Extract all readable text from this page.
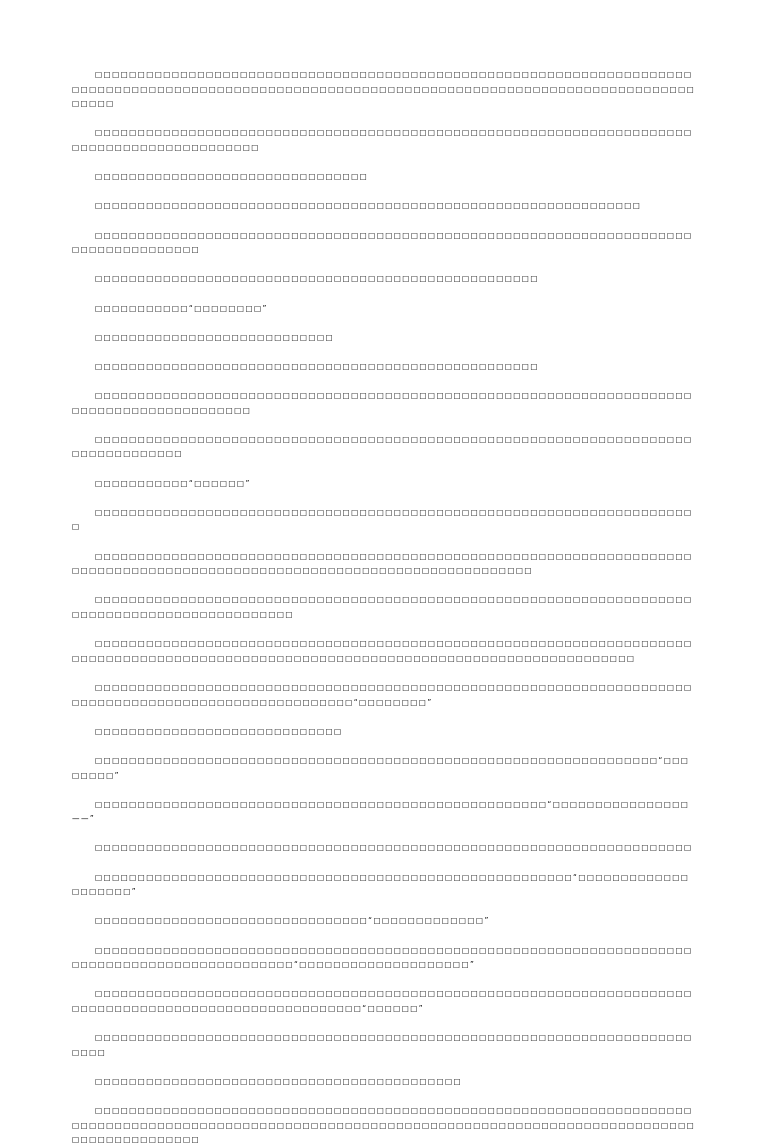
□□□□□□□□□□□□□□□□□□□□□□□□□□□□□□□□□□□□□□□□□□□□□□□□□□□□□□□□□□□□□□□□□□□□□□□□□□□□□□□□□□□□□□□□□□□□□□□□□□□□□□□□□□□□□□□□□□□□□□□□□□□□□□□□□□□□□□□□□□□□□□□□□□□□

□□□□□□□□□□□□□□□□□□□□□□□□□□□□□□□□□□□□□□□□□□□□□□□□□□□□□□□□□□□□□□□□□□□□□□□□□□□□□□□□□□□□□□□□□□□□

□□□□□□□□□□□□□□□□□□□□□□□□□□□□□□□□

□□□□□□□□□□□□□□□□□□□□□□□□□□□□□□□□□□□□□□□□□□□□□□□□□□□□□□□□□□□□□□□□

□□□□□□□□□□□□□□□□□□□□□□□□□□□□□□□□□□□□□□□□□□□□□□□□□□□□□□□□□□□□□□□□□□□□□□□□□□□□□□□□□□□□□

□□□□□□□□□□□□□□□□□□□□□□□□□□□□□□□□□□□□□□□□□□□□□□□□□□□□

□□□□□□□□□□□“□□□□□□□□”

□□□□□□□□□□□□□□□□□□□□□□□□□□□□

□□□□□□□□□□□□□□□□□□□□□□□□□□□□□□□□□□□□□□□□□□□□□□□□□□□□

□□□□□□□□□□□□□□□□□□□□□□□□□□□□□□□□□□□□□□□□□□□□□□□□□□□□□□□□□□□□□□□□□□□□□□□□□□□□□□□□□□□□□□□□□□□

□□□□□□□□□□□□□□□□□□□□□□□□□□□□□□□□□□□□□□□□□□□□□□□□□□□□□□□□□□□□□□□□□□□□□□□□□□□□□□□□□□□

□□□□□□□□□□□“□□□□□□”

□□□□□□□□□□□□□□□□□□□□□□□□□□□□□□□□□□□□□□□□□□□□□□□□□□□□□□□□□□□□□□□□□□□□□□□

□□□□□□□□□□□□□□□□□□□□□□□□□□□□□□□□□□□□□□□□□□□□□□□□□□□□□□□□□□□□□□□□□□□□□□□□□□□□□□□□□□□□□□□□□□□□□□□□□□□□□□□□□□□□□□□□□□□□□□□□□□□□

□□□□□□□□□□□□□□□□□□□□□□□□□□□□□□□□□□□□□□□□□□□□□□□□□□□□□□□□□□□□□□□□□□□□□□□□□□□□□□□□□□□□□□□□□□□□□□□□

□□□□□□□□□□□□□□□□□□□□□□□□□□□□□□□□□□□□□□□□□□□□□□□□□□□□□□□□□□□□□□□□□□□□□□□□□□□□□□□□□□□□□□□□□□□□□□□□□□□□□□□□□□□□□□□□□□□□□□□□□□□□□□□□□□□□□□□□

□□□□□□□□□□□□□□□□□□□□□□□□□□□□□□□□□□□□□□□□□□□□□□□□□□□□□□□□□□□□□□□□□□□□□□□□□□□□□□□□□□□□□□□□□□□□□□□□□□□□□□□“□□□□□□□□”

□□□□□□□□□□□□□□□□□□□□□□□□□□□□□

□□□□□□□□□□□□□□□□□□□□□□□□□□□□□□□□□□□□□□□□□□□□□□□□□□□□□□□□□□□□□□□□□□“□□□□□□□□”

□□□□□□□□□□□□□□□□□□□□□□□□□□□□□□□□□□□□□□□□□□□□□□□□□□□□□“□□□□□□□□□□□□□□□□——”

□□□□□□□□□□□□□□□□□□□□□□□□□□□□□□□□□□□□□□□□□□□□□□□□□□□□□□□□□□□□□□□□□□□□□□

□□□□□□□□□□□□□□□□□□□□□□□□□□□□□□□□□□□□□□□□□□□□□□□□□□□□□□□□“□□□□□□□□□□□□□□□□□□□□”

□□□□□□□□□□□□□□□□□□□□□□□□□□□□□□□□“□□□□□□□□□□□□□”

□□□□□□□□□□□□□□□□□□□□□□□□□□□□□□□□□□□□□□□□□□□□□□□□□□□□□□□□□□□□□□□□□□□□□□□□□□□□□□□□□□□□□□□□□□□□□□□□“□□□□□□□□□□□□□□□□□□□□”

□□□□□□□□□□□□□□□□□□□□□□□□□□□□□□□□□□□□□□□□□□□□□□□□□□□□□□□□□□□□□□□□□□□□□□□□□□□□□□□□□□□□□□□□□□□□□□□□□□□□□□□□“□□□□□□”

□□□□□□□□□□□□□□□□□□□□□□□□□□□□□□□□□□□□□□□□□□□□□□□□□□□□□□□□□□□□□□□□□□□□□□□□□□

□□□□□□□□□□□□□□□□□□□□□□□□□□□□□□□□□□□□□□□□□□□

□□□□□□□□□□□□□□□□□□□□□□□□□□□□□□□□□□□□□□□□□□□□□□□□□□□□□□□□□□□□□□□□□□□□□□□□□□□□□□□□□□□□□□□□□□□□□□□□□□□□□□□□□□□□□□□□□□□□□□□□□□□□□□□□□□□□□□□□□□□□□□□□□□□□□□□□□□□□□□
